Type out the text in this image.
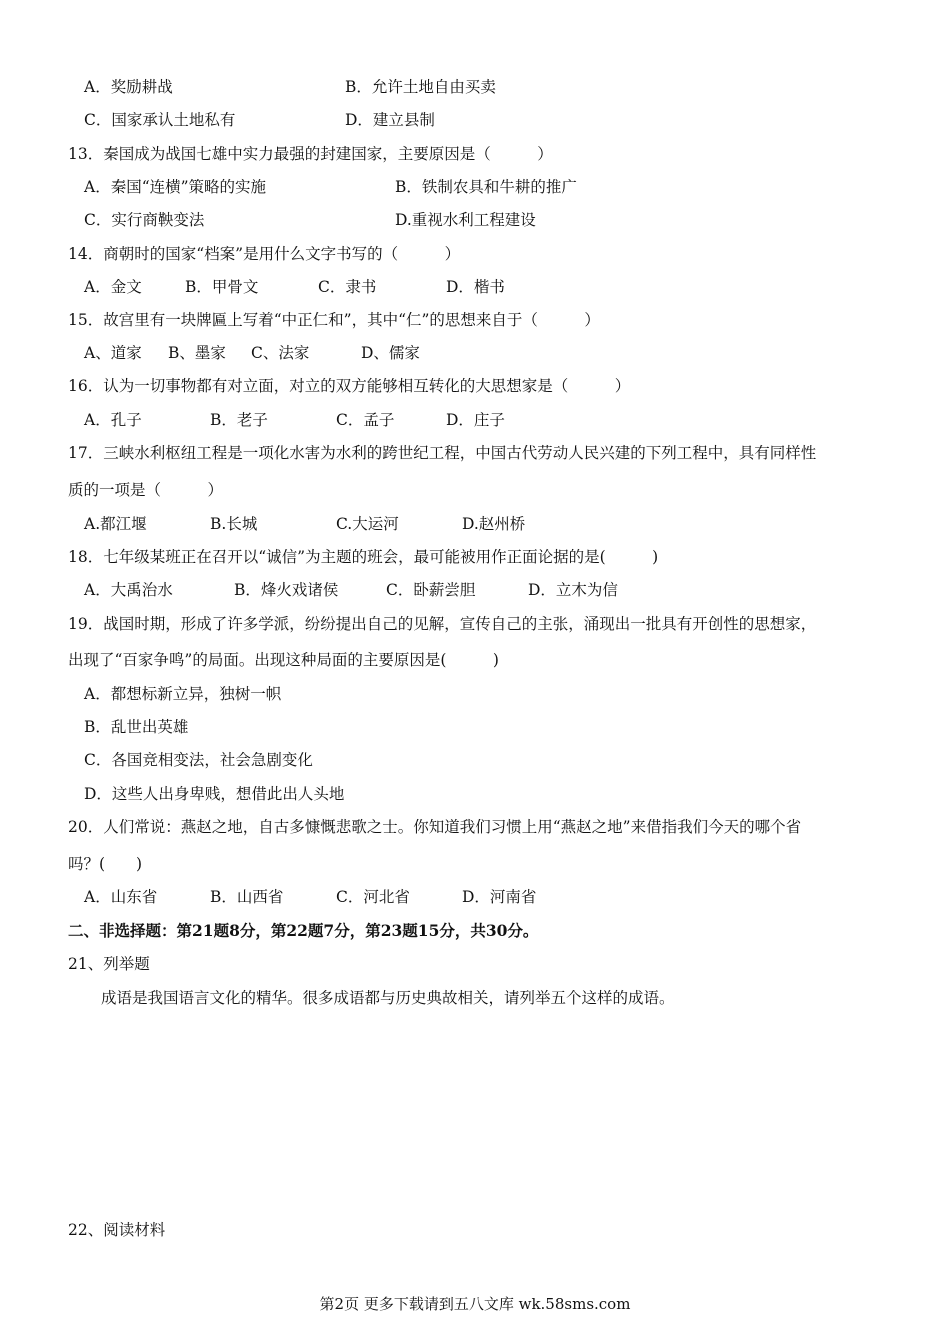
A．奖励耕战	B．允许土地自由买卖
C．国家承认土地私有	D．建立县制
13．秦国成为战国七雄中实力最强的封建国家，主要原因是（　　　）
A．秦国“连横”策略的实施	B．铁制农具和牛耕的推广
C．实行商鞅变法	D.重视水利工程建设
14．商朝时的国家“档案”是用什么文字书写的（　　　）
A．金文	B．甲骨文	C．隶书	D．楷书
15．故宫里有一块牌匾上写着“中正仁和”，其中“仁”的思想来自于（　　　）
A、道家 B、墨家 C、法家	D、儒家
16．认为一切事物都有对立面，对立的双方能够相互转化的大思想家是（　　　）
A．孔子	B．老子	C．孟子	D．庄子
17．三峡水利枢纽工程是一项化水害为水利的跨世纪工程，中国古代劳动人民兴建的下列工程中，具有同样性
质的一项是（　　　）
A.都江堰	B.长城	C.大运河	D.赵州桥
18．七年级某班正在召开以“诚信”为主题的班会，最可能被用作正面论据的是(　　　)
A．大禹治水	B．烽火戏诸侯	C．卧薪尝胆	D．立木为信
19．战国时期，形成了许多学派，纷纷提出自己的见解，宣传自己的主张，涌现出一批具有开创性的思想家，
出现了“百家争鸣”的局面。出现这种局面的主要原因是(　　　)
A．都想标新立异，独树一帜
B．乱世出英雄
C．各国竞相变法，社会急剧变化
D．这些人出身卑贱，想借此出人头地
20．人们常说：燕赵之地，自古多慷慨悲歌之士。你知道我们习惯上用“燕赵之地”来借指我们今天的哪个省
吗？(　　)
A．山东省	B．山西省	C．河北省	D．河南省
二、非选择题：第21题8分，第22题7分，第23题15分，共30分。
21、列举题
成语是我国语言文化的精华。很多成语都与历史典故相关，请列举五个这样的成语。
22、阅读材料
第2页 更多下载请到五八文库 wk.58sms.com
